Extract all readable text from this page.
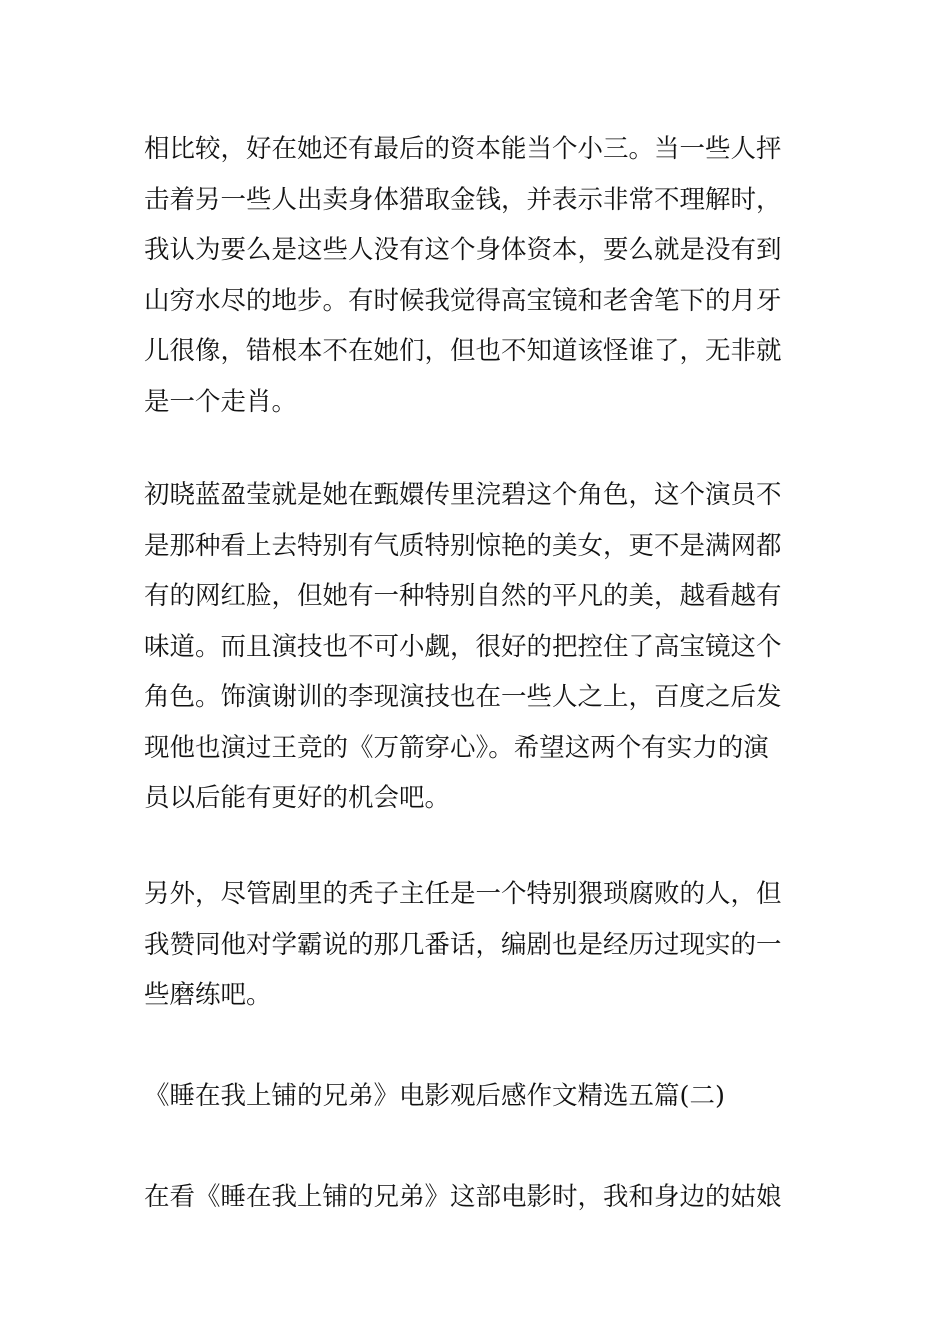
相比较，好在她还有最后的资本能当个小三。当一些人抨
击着另一些人出卖身体猎取金钱，并表示非常不理解时，
我认为要么是这些人没有这个身体资本，要么就是没有到
山穷水尽的地步。有时候我觉得高宝镜和老舍笔下的月牙
儿很像，错根本不在她们，但也不知道该怪谁了，无非就
是一个走肖。
初晓蓝盈莹就是她在甄嬛传里浣碧这个角色，这个演员不
是那种看上去特别有气质特别惊艳的美女，更不是满网都
有的网红脸，但她有一种特别自然的平凡的美，越看越有
味道。而且演技也不可小觑，很好的把控住了高宝镜这个
角色。饰演谢训的李现演技也在一些人之上，百度之后发
现他也演过王竞的《万箭穿心》。希望这两个有实力的演
员以后能有更好的机会吧。
另外，尽管剧里的秃子主任是一个特别猥琐腐败的人，但
我赞同他对学霸说的那几番话，编剧也是经历过现实的一
些磨练吧。
《睡在我上铺的兄弟》电影观后感作文精选五篇(二)
在看《睡在我上铺的兄弟》这部电影时，我和身边的姑娘
